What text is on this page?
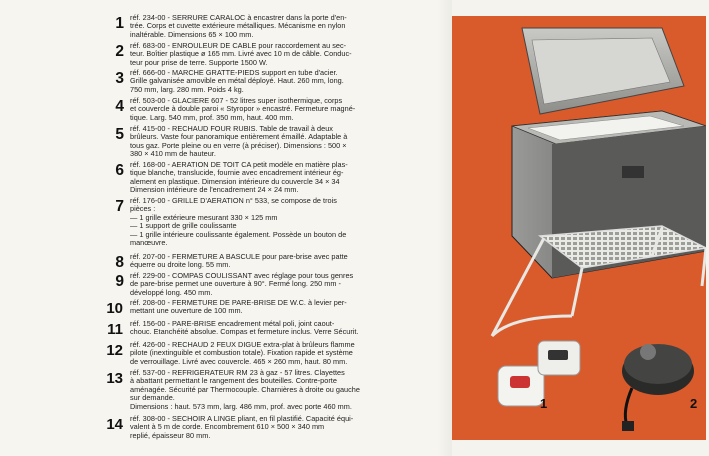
1 réf. 234-00 - SERRURE CARALOC à encastrer dans la porte d'en-
trée. Corps et cuvette extérieure métalliques. Mécanisme en nylon
inaltérable. Dimensions 65 × 100 mm.
2 réf. 683-00 - ENROULEUR DE CABLE pour raccordement au sec-
teur. Boîtier plastique ø 165 mm. Livré avec 10 m de câble. Conduc-
teur pour prise de terre. Supporte 1500 W.
3 réf. 666-00 - MARCHE GRATTE-PIEDS support en tube d'acier.
Grille galvanisée amovible en métal déployé. Haut. 260 mm, long.
750 mm, larg. 280 mm. Poids 4 kg.
4 réf. 503-00 - GLACIERE 607 - 52 litres super isothermique, corps
et couvercle à double paroi « Styropor » encastré. Fermeture magné-
tique. Larg. 540 mm, prof. 350 mm, haut. 400 mm.
5 réf. 415-00 - RECHAUD FOUR RUBIS. Table de travail à deux
brûleurs. Vaste four panoramique entièrement émaillé. Adaptable à
tous gaz. Porte pleine ou en verre (à préciser). Dimensions : 500 ×
380 × 410 mm de hauteur.
6 réf. 168-00 - AERATION DE TOIT CA petit modèle en matière plas-
tique blanche, translucide, fournie avec encadrement intérieur ég-
alement en plastique. Dimension intérieure du couvercle 34 × 34
Dimension intérieure de l'encadrement 24 × 24 mm.
7 réf. 176-00 - GRILLE D'AERATION n° 533, se compose de trois
pièces :
— 1 grille extérieure mesurant 330 × 125 mm
— 1 support de grille coulissante
— 1 grille intérieure coulissante également. Possède un bouton de
manœuvre.
8 réf. 207-00 - FERMETURE A BASCULE pour pare-brise avec patte
équerre ou droite long. 55 mm.
9 réf. 229-00 - COMPAS COULISSANT avec réglage pour tous genres
de pare-brise permet une ouverture à 90°. Fermé long. 250 mm -
développé long. 450 mm.
10 réf. 208-00 - FERMETURE DE PARE-BRISE DE W.C. à levier per-
mettant une ouverture de 100 mm.
11 réf. 156-00 - PARE-BRISE encadrement métal poli, joint caout-
chouc. Etanchéité absolue. Compas et fermeture inclus. Verre Sécurit.
12 réf. 426-00 - RECHAUD 2 FEUX DIGUE extra-plat à brûleurs flamme
pilote (inextinguible et combustion totale). Fixation rapide et système
de verrouillage. Livré avec couvercle. 465 × 260 mm, haut. 80 mm.
13 réf. 537-00 - REFRIGERATEUR RM 23 à gaz - 57 litres. Clayettes
à abattant permettant le rangement des bouteilles. Contre-porte
aménagée. Sécurité par Thermocouple. Charnières à droite ou gauche
sur demande.
Dimensions : haut. 573 mm, larg. 486 mm, prof. avec porte 460 mm.
14 réf. 308-00 - SECHOIR A LINGE pliant, en fil plastifié. Capacité équi-
valent à 5 m de corde. Encombrement 610 × 500 × 340 mm
replié, épaisseur 80 mm.
1	2
